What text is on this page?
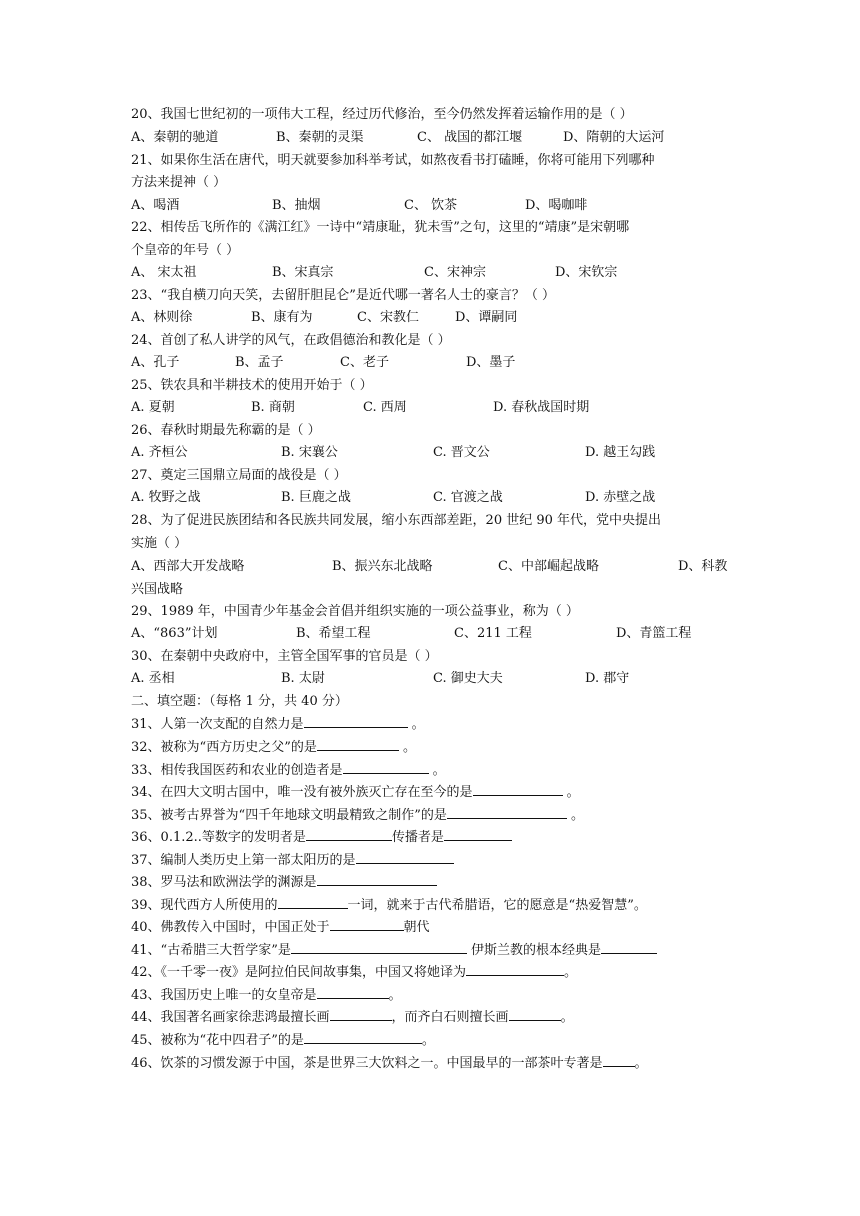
20、我国七世纪初的一项伟大工程，经过历代修治，至今仍然发挥着运输作用的是（ ）
A、秦朝的驰道	B、秦朝的灵渠	C、 战国的都江堰	D、隋朝的大运河
21、如果你生活在唐代，明天就要参加科举考试，如熬夜看书打磕睡，你将可能用下列哪种
方法来提神（ ）
A、喝酒	B、抽烟	C、 饮茶	D、喝咖啡
22、相传岳飞所作的《满江红》一诗中“靖康耻，犹未雪”之句，这里的“靖康”是宋朝哪
个皇帝的年号（ ）
A、 宋太祖	B、宋真宗	C、宋神宗	D、宋钦宗
23、“我自横刀向天笑，去留肝胆昆仑”是近代哪一著名人士的豪言？（ ）
A、林则徐	B、康有为	C、宋教仁	D、谭嗣同
24、首创了私人讲学的风气，在政倡德治和教化是（ ）
A、孔子	B、孟子	C、老子	D、墨子
25、铁农具和半耕技术的使用开始于（ ）
A. 夏朝	B. 商朝	C. 西周	D. 春秋战国时期
26、春秋时期最先称霸的是（ ）
A. 齐桓公	B. 宋襄公	C. 晋文公	D. 越王勾践
27、奠定三国鼎立局面的战役是（ ）
A. 牧野之战	B. 巨鹿之战	C. 官渡之战	D. 赤壁之战
28、为了促进民族团结和各民族共同发展，缩小东西部差距，20 世纪 90 年代，党中央提出
实施（ ）
A、西部大开发战略	B、振兴东北战略	C、中部崛起战略	D、科教
兴国战略
29、1989 年，中国青少年基金会首倡并组织实施的一项公益事业，称为（ ）
A、“863”计划	B、希望工程	C、211 工程	D、青篮工程
30、在秦朝中央政府中，主管全国军事的官员是（ ）
A. 丞相	B. 太尉	C. 御史大夫	D. 郡守
二、填空题：（每格 1 分，共 40 分）
31、人第一次支配的自然力是	。
32、被称为“西方历史之父”的是	。
33、相传我国医药和农业的创造者是	。
34、在四大文明古国中，唯一没有被外族灭亡存在至今的是	。
35、被考古界誉为“四千年地球文明最精致之制作”的是	。
36、0.1.2..等数字的发明者是	传播者是
37、编制人类历史上第一部太阳历的是
38、罗马法和欧洲法学的渊源是
39、现代西方人所使用的	一词，就来于古代希腊语，它的愿意是“热爱智慧”。
40、佛教传入中国时，中国正处于	朝代
41、“古希腊三大哲学家”是	伊斯兰教的根本经典是
42、《一千零一夜》是阿拉伯民间故事集，中国又将她译为	。
43、我国历史上唯一的女皇帝是	。
44、我国著名画家徐悲鸿最擅长画	，而齐白石则擅长画	。
45、被称为“花中四君子”的是	。
46、饮茶的习惯发源于中国，茶是世界三大饮料之一。中国最早的一部茶叶专著是 。
